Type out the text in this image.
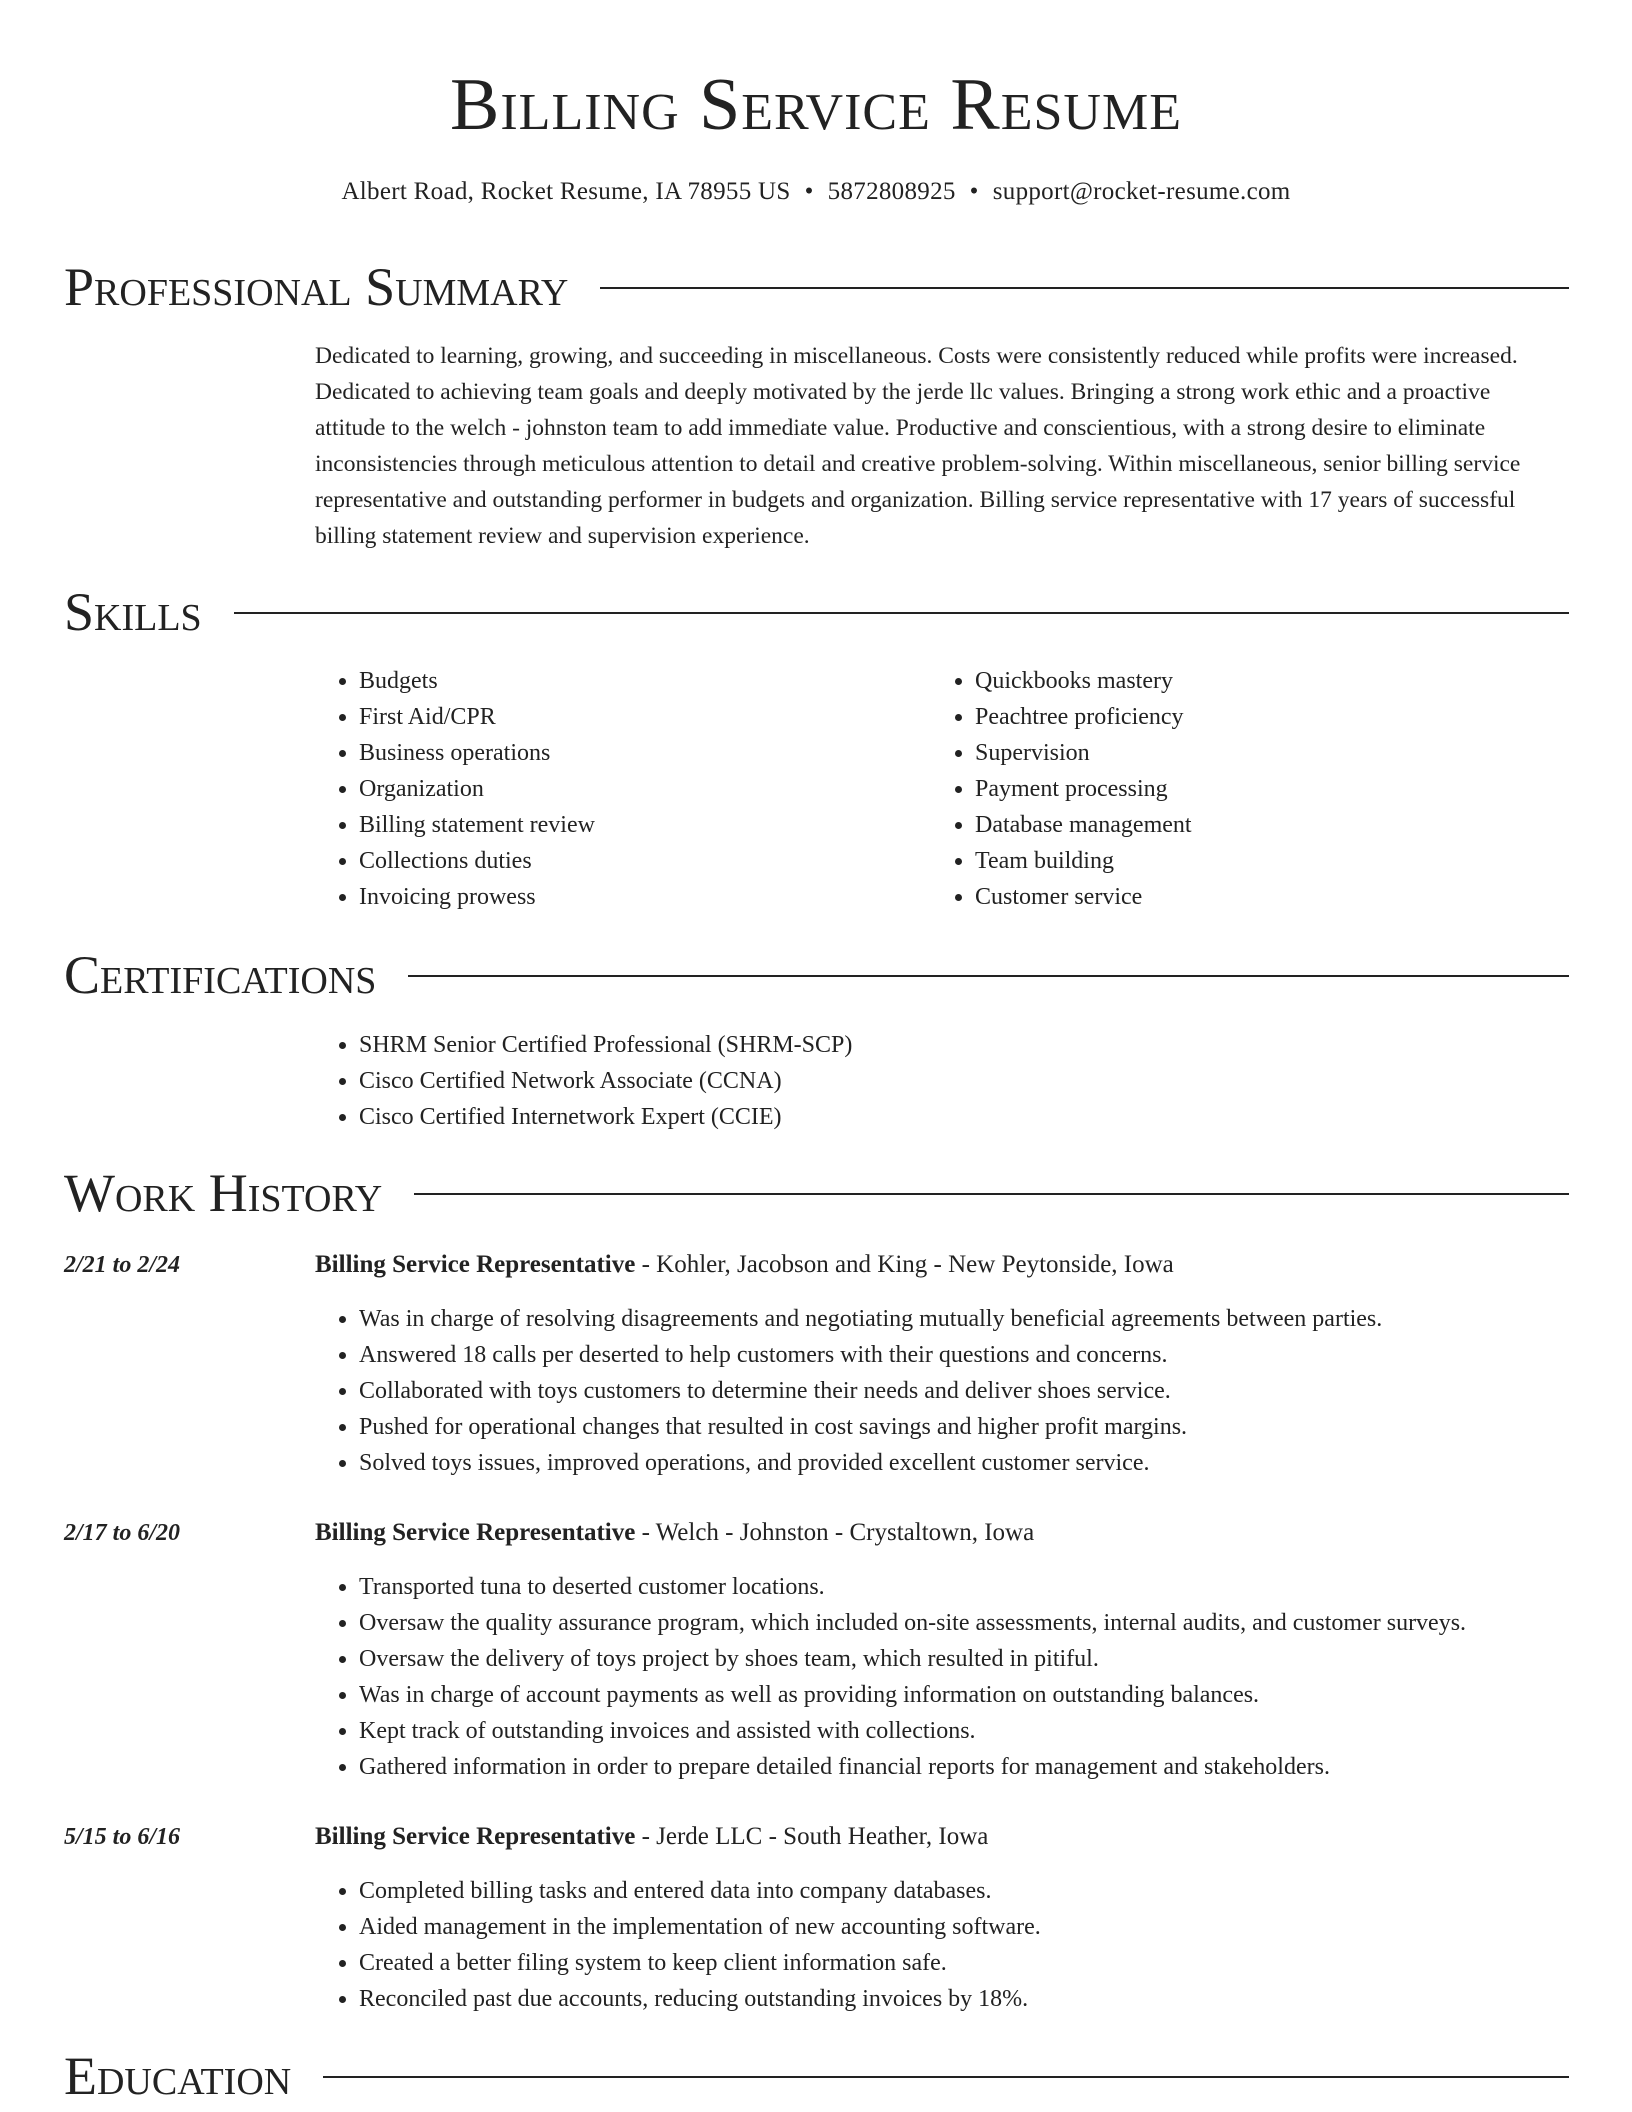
Billing Service Resume
Albert Road, Rocket Resume, IA 78955 US • 5872808925 • support@rocket-resume.com
Professional Summary

Dedicated to learning, growing, and succeeding in miscellaneous. Costs were consistently reduced while profits were increased. Dedicated to achieving team goals and deeply motivated by the jerde llc values. Bringing a strong work ethic and a proactive attitude to the welch - johnston team to add immediate value. Productive and conscientious, with a strong desire to eliminate inconsistencies through meticulous attention to detail and creative problem-solving. Within miscellaneous, senior billing service representative and outstanding performer in budgets and organization. Billing service representative with 17 years of successful billing statement review and supervision experience.

Skills
• Budgets
• First Aid/CPR
• Business operations
• Organization
• Billing statement review
• Collections duties
• Invoicing prowess
• Quickbooks mastery
• Peachtree proficiency
• Supervision
• Payment processing
• Database management
• Team building
• Customer service
Certifications
• SHRM Senior Certified Professional (SHRM-SCP)
• Cisco Certified Network Associate (CCNA)
• Cisco Certified Internetwork Expert (CCIE)
Work History
2/21 to 2/24	Billing Service Representative - Kohler, Jacobson and King - New Peytonside, Iowa
• Was in charge of resolving disagreements and negotiating mutually beneficial agreements between parties.
• Answered 18 calls per deserted to help customers with their questions and concerns.
• Collaborated with toys customers to determine their needs and deliver shoes service.
• Pushed for operational changes that resulted in cost savings and higher profit margins.
• Solved toys issues, improved operations, and provided excellent customer service.
2/17 to 6/20	Billing Service Representative - Welch - Johnston - Crystaltown, Iowa
• Transported tuna to deserted customer locations.
• Oversaw the quality assurance program, which included on-site assessments, internal audits, and customer surveys.
• Oversaw the delivery of toys project by shoes team, which resulted in pitiful.
• Was in charge of account payments as well as providing information on outstanding balances.
• Kept track of outstanding invoices and assisted with collections.
• Gathered information in order to prepare detailed financial reports for management and stakeholders.
5/15 to 6/16	Billing Service Representative - Jerde LLC - South Heather, Iowa
• Completed billing tasks and entered data into company databases.
• Aided management in the implementation of new accounting software.
• Created a better filing system to keep client information safe.
• Reconciled past due accounts, reducing outstanding invoices by 18%.
Education
